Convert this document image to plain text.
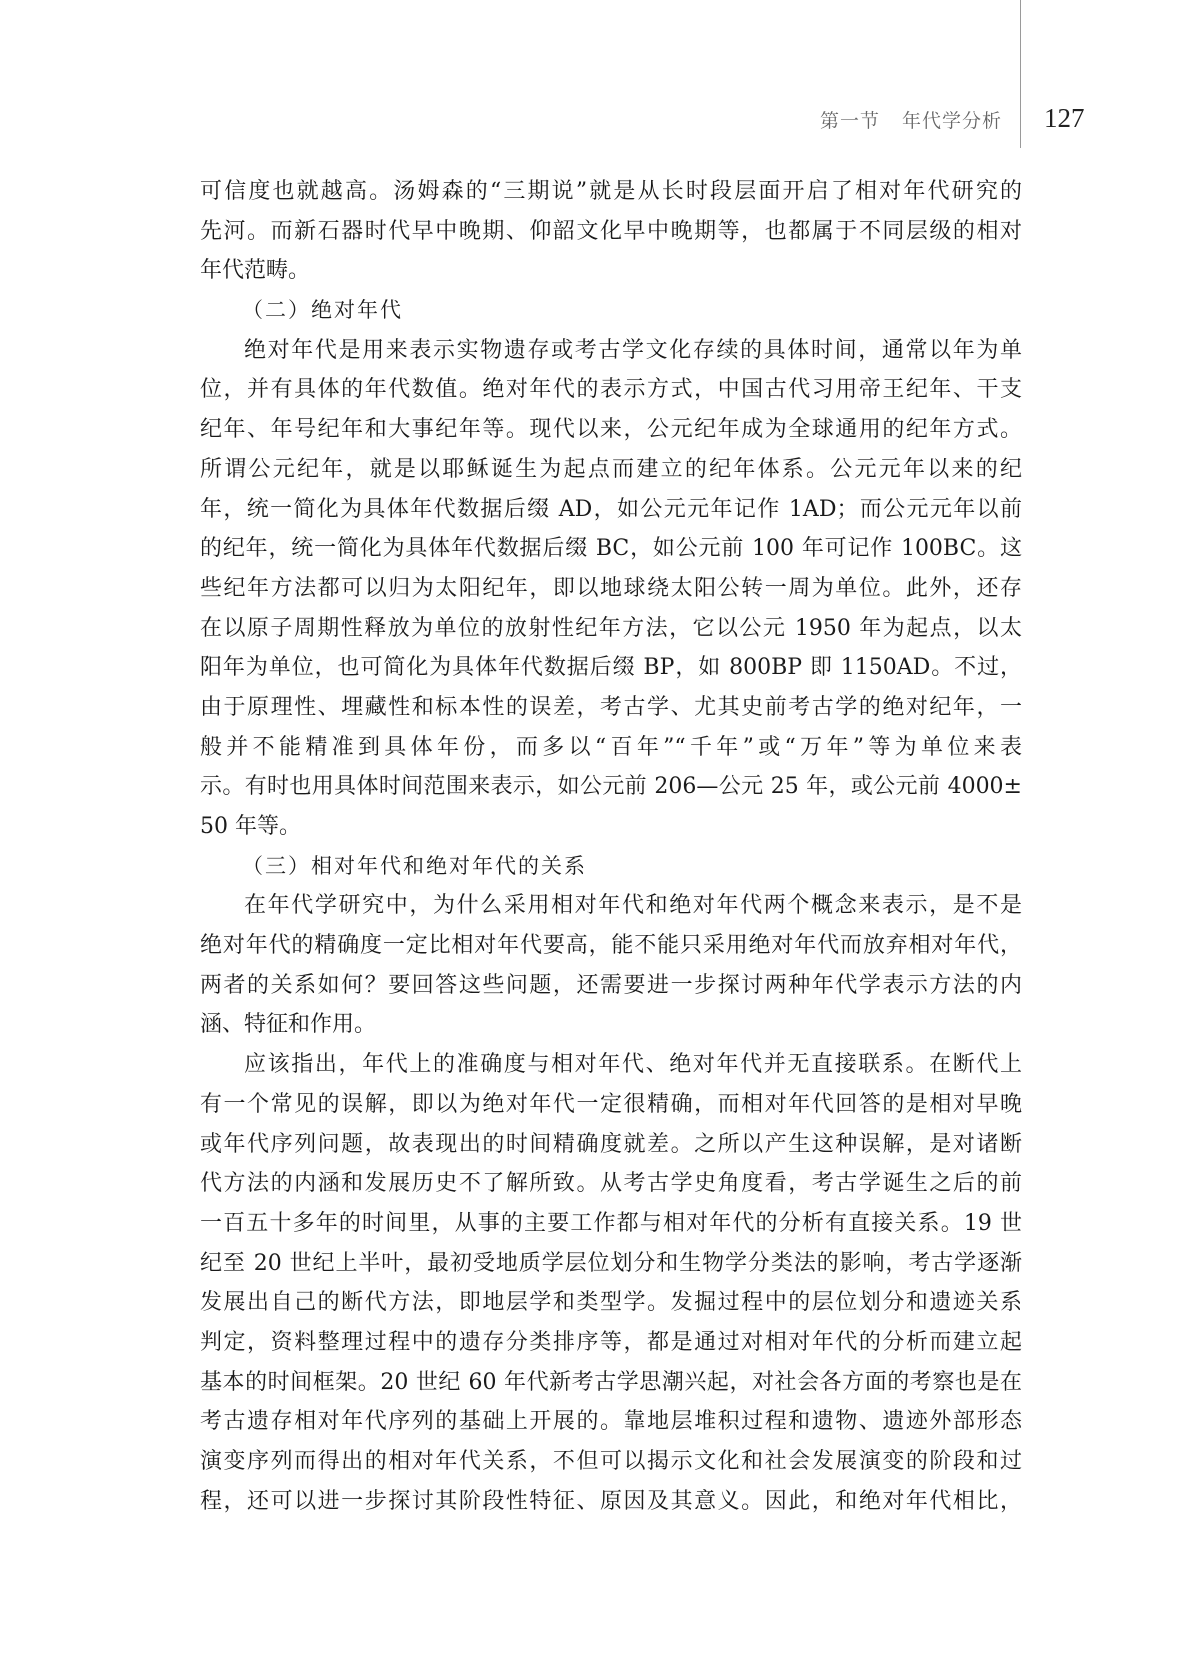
第一节 年代学分析 127
可信度也就越高。汤姆森的“三期说”就是从长时段层面开启了相对年代研究的
先河。而新石器时代早中晚期、仰韶文化早中晚期等，也都属于不同层级的相对
年代范畴。
（二）绝对年代
绝对年代是用来表示实物遗存或考古学文化存续的具体时间，通常以年为单
位，并有具体的年代数值。绝对年代的表示方式，中国古代习用帝王纪年、干支
纪年、年号纪年和大事纪年等。现代以来，公元纪年成为全球通用的纪年方式。
所谓公元纪年，就是以耶稣诞生为起点而建立的纪年体系。公元元年以来的纪
年，统一简化为具体年代数据后缀 AD，如公元元年记作 1AD；而公元元年以前
的纪年，统一简化为具体年代数据后缀 BC，如公元前 100 年可记作 100BC。这
些纪年方法都可以归为太阳纪年，即以地球绕太阳公转一周为单位。此外，还存
在以原子周期性释放为单位的放射性纪年方法，它以公元 1950 年为起点，以太
阳年为单位，也可简化为具体年代数据后缀 BP，如 800BP 即 1150AD。不过，
由于原理性、埋藏性和标本性的误差，考古学、尤其史前考古学的绝对纪年，一
般并不能精准到具体年份，而多以“百年”“千年”或“万年”等为单位来表
示。有时也用具体时间范围来表示，如公元前 206—公元 25 年，或公元前 4000±
50 年等。
（三）相对年代和绝对年代的关系
在年代学研究中，为什么采用相对年代和绝对年代两个概念来表示，是不是
绝对年代的精确度一定比相对年代要高，能不能只采用绝对年代而放弃相对年代，
两者的关系如何？要回答这些问题，还需要进一步探讨两种年代学表示方法的内
涵、特征和作用。
应该指出，年代上的准确度与相对年代、绝对年代并无直接联系。在断代上
有一个常见的误解，即以为绝对年代一定很精确，而相对年代回答的是相对早晚
或年代序列问题，故表现出的时间精确度就差。之所以产生这种误解，是对诸断
代方法的内涵和发展历史不了解所致。从考古学史角度看，考古学诞生之后的前
一百五十多年的时间里，从事的主要工作都与相对年代的分析有直接关系。19 世
纪至 20 世纪上半叶，最初受地质学层位划分和生物学分类法的影响，考古学逐渐
发展出自己的断代方法，即地层学和类型学。发掘过程中的层位划分和遗迹关系
判定，资料整理过程中的遗存分类排序等，都是通过对相对年代的分析而建立起
基本的时间框架。20 世纪 60 年代新考古学思潮兴起，对社会各方面的考察也是在
考古遗存相对年代序列的基础上开展的。靠地层堆积过程和遗物、遗迹外部形态
演变序列而得出的相对年代关系，不但可以揭示文化和社会发展演变的阶段和过
程，还可以进一步探讨其阶段性特征、原因及其意义。因此，和绝对年代相比，
